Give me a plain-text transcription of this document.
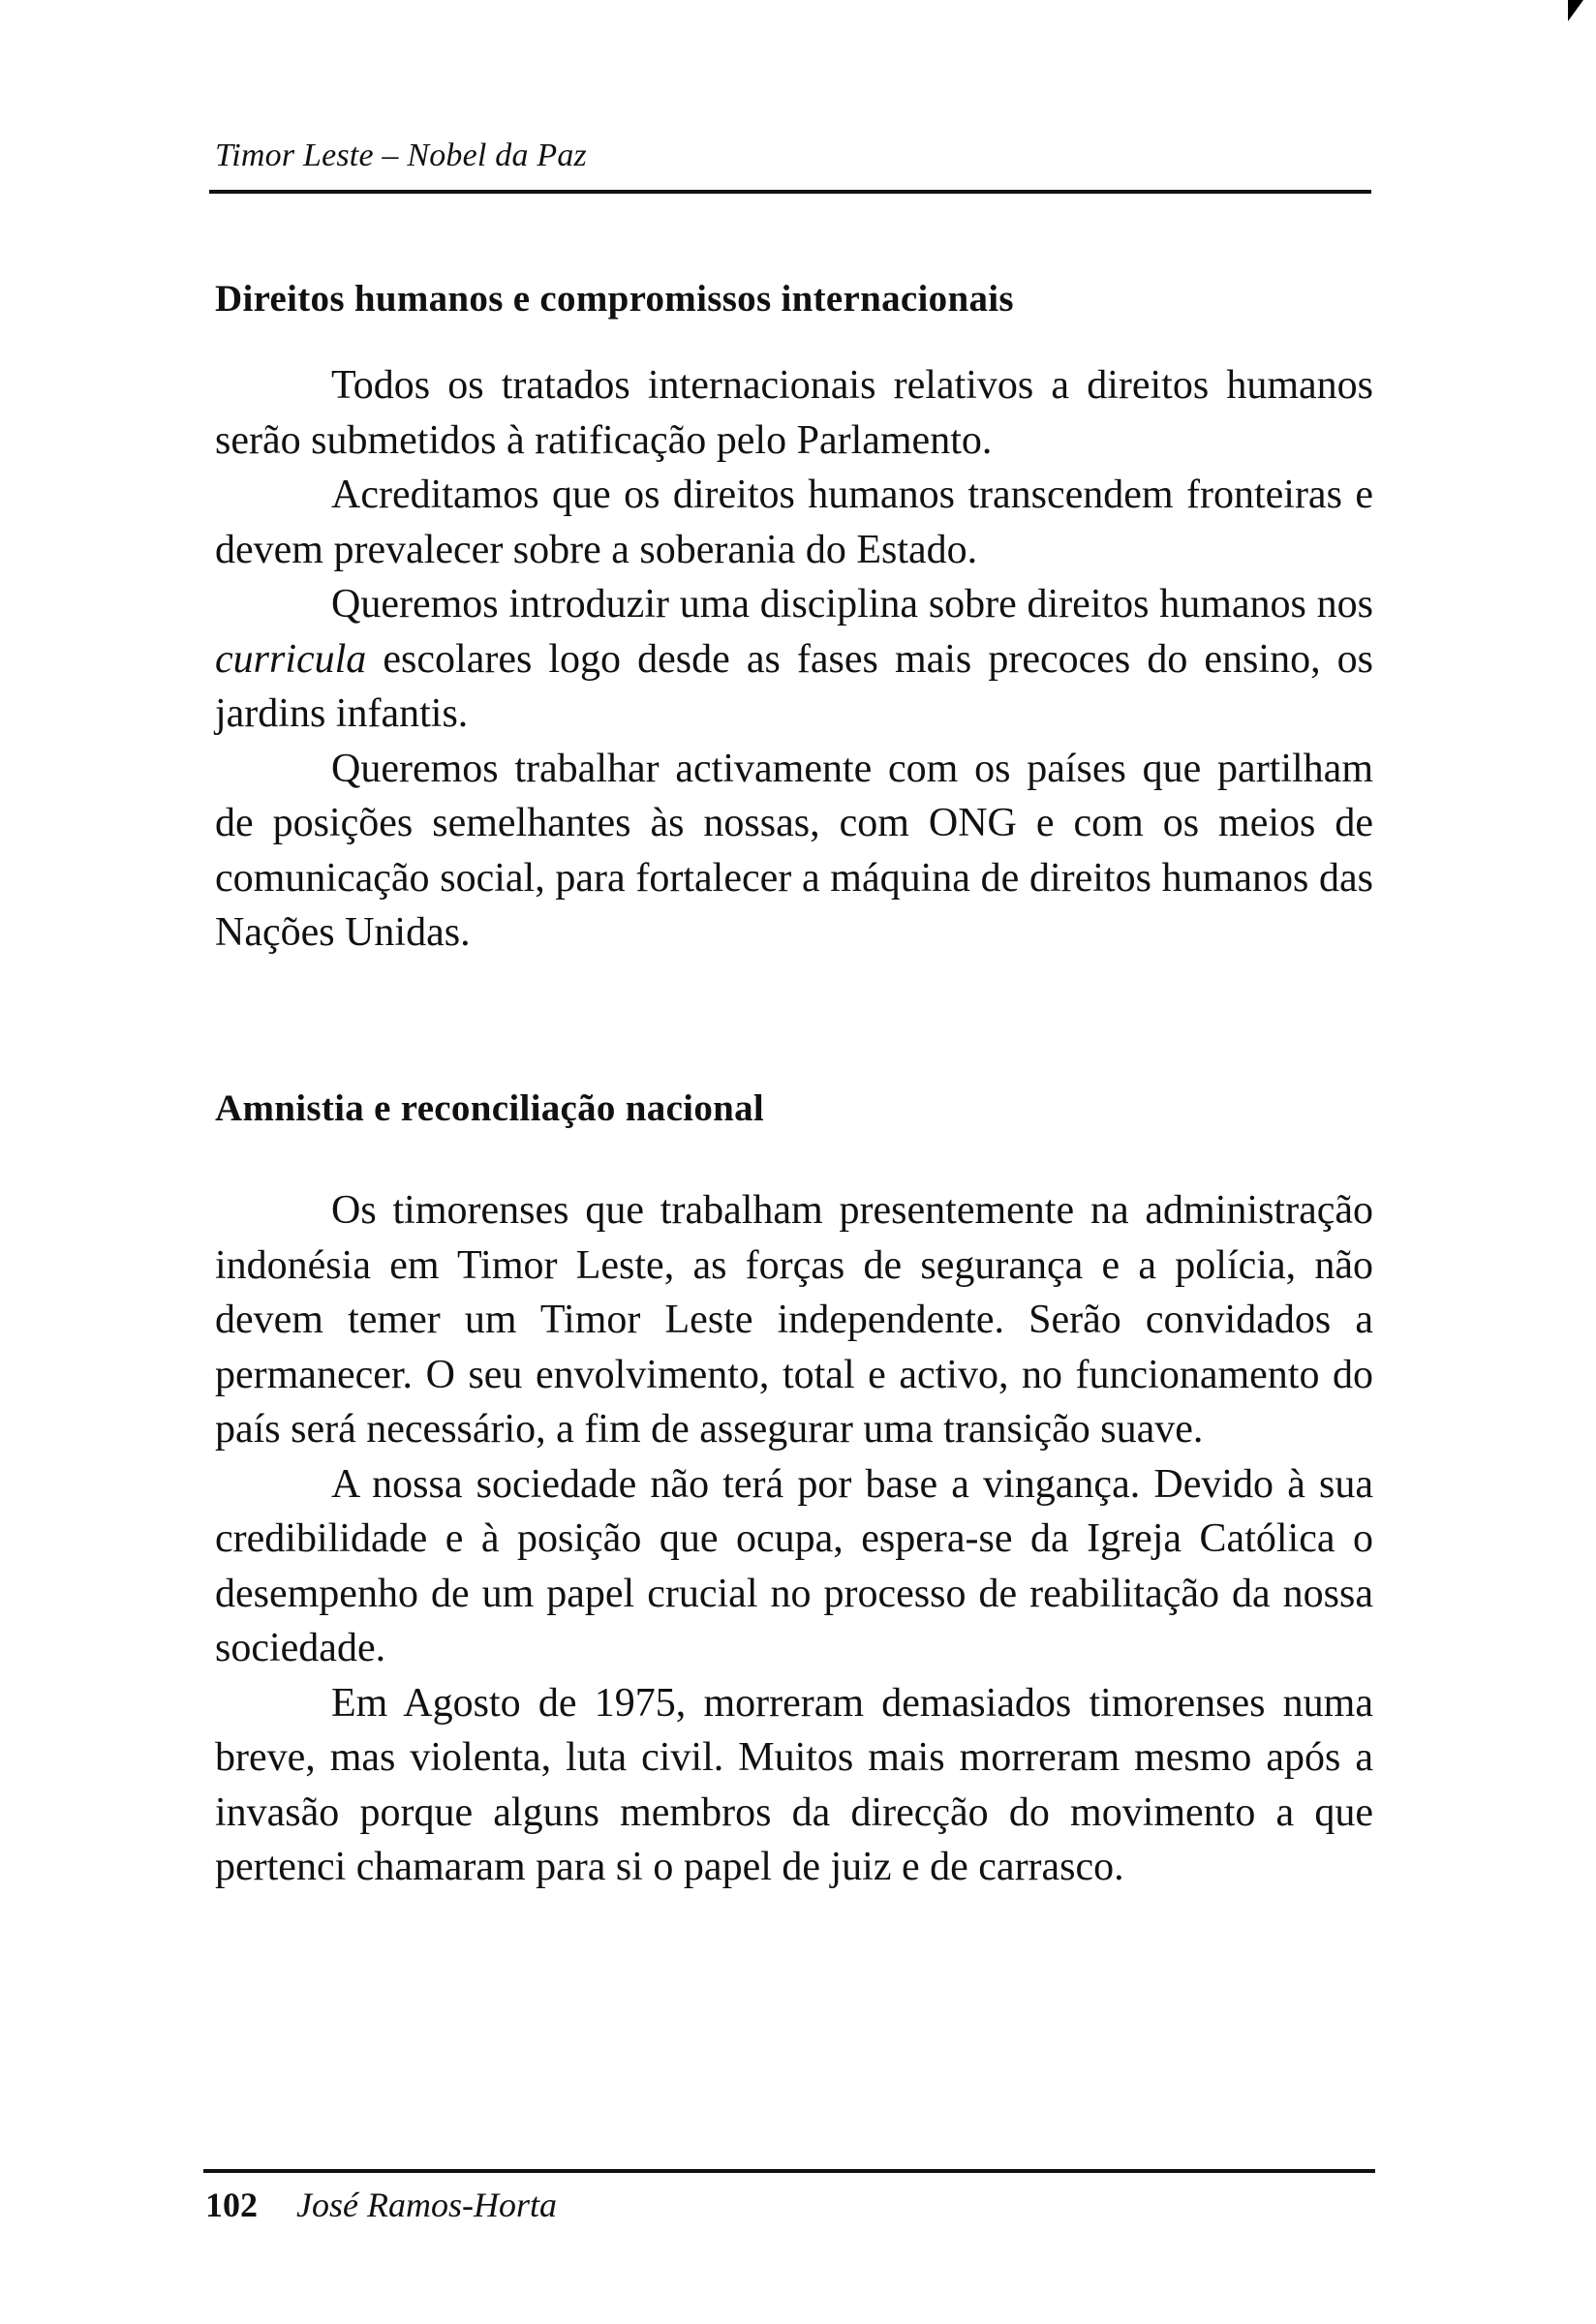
Timor Leste – Nobel da Paz
Direitos humanos e compromissos internacionais

Todos os tratados internacionais relativos a direitos humanos serão submetidos à ratificação pelo Parlamento.

Acreditamos que os direitos humanos transcendem fronteiras e devem prevalecer sobre a soberania do Estado.

Queremos introduzir uma disciplina sobre direitos humanos nos curricula escolares logo desde as fases mais precoces do ensino, os jardins infantis.

Queremos trabalhar activamente com os países que partilham de posições semelhantes às nossas, com ONG e com os meios de comunicação social, para fortalecer a máquina de direitos humanos das Nações Unidas.

Amnistia e reconciliação nacional

Os timorenses que trabalham presentemente na administração indonésia em Timor Leste, as forças de segurança e a polícia, não devem temer um Timor Leste independente. Serão convidados a permanecer. O seu envolvimento, total e activo, no funcionamento do país será necessário, a fim de assegurar uma transição suave.

A nossa sociedade não terá por base a vingança. Devido à sua credibilidade e à posição que ocupa, espera-se da Igreja Católica o desempenho de um papel crucial no processo de reabilitação da nossa sociedade.

Em Agosto de 1975, morreram demasiados timorenses numa breve, mas violenta, luta civil. Muitos mais morreram mesmo após a invasão porque alguns membros da direcção do movimento a que pertenci chamaram para si o papel de juiz e de carrasco.

102 José Ramos-Horta
